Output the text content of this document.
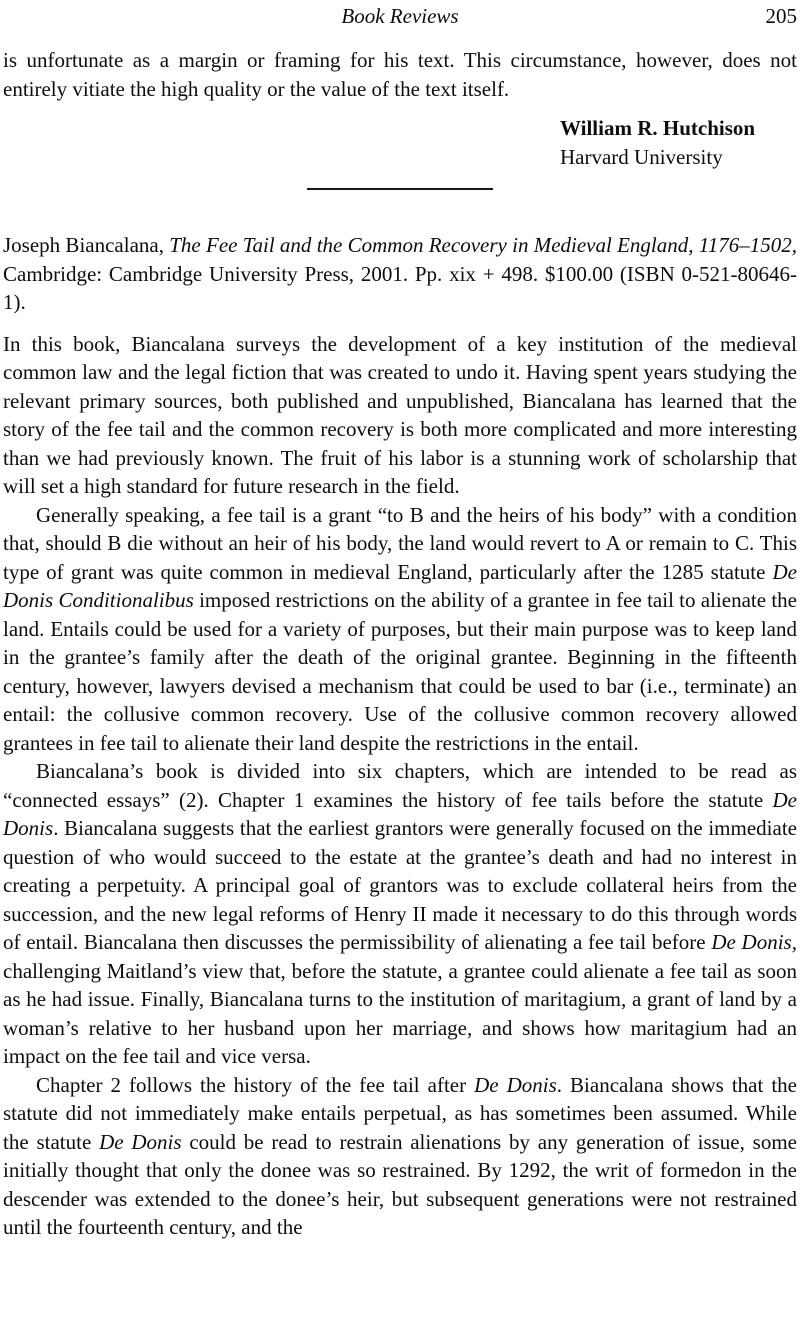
Book Reviews	205

is unfortunate as a margin or framing for his text. This circumstance, however, does not entirely vitiate the high quality or the value of the text itself.

William R. Hutchison
Harvard University

Joseph Biancalana, The Fee Tail and the Common Recovery in Medieval England, 1176–1502, Cambridge: Cambridge University Press, 2001. Pp. xix + 498. $100.00 (ISBN 0-521-80646-1).

In this book, Biancalana surveys the development of a key institution of the medieval common law and the legal fiction that was created to undo it. Having spent years studying the relevant primary sources, both published and unpublished, Biancalana has learned that the story of the fee tail and the common recovery is both more complicated and more interesting than we had previously known. The fruit of his labor is a stunning work of scholarship that will set a high standard for future research in the field.

Generally speaking, a fee tail is a grant “to B and the heirs of his body” with a condition that, should B die without an heir of his body, the land would revert to A or remain to C. This type of grant was quite common in medieval England, particularly after the 1285 statute De Donis Conditionalibus imposed restrictions on the ability of a grantee in fee tail to alienate the land. Entails could be used for a variety of purposes, but their main purpose was to keep land in the grantee’s family after the death of the original grantee. Beginning in the fifteenth century, however, lawyers devised a mechanism that could be used to bar (i.e., terminate) an entail: the collusive common recovery. Use of the collusive common recovery allowed grantees in fee tail to alienate their land despite the restrictions in the entail.

Biancalana’s book is divided into six chapters, which are intended to be read as “connected essays” (2). Chapter 1 examines the history of fee tails before the statute De Donis. Biancalana suggests that the earliest grantors were generally focused on the immediate question of who would succeed to the estate at the grantee’s death and had no interest in creating a perpetuity. A principal goal of grantors was to exclude collateral heirs from the succession, and the new legal reforms of Henry II made it necessary to do this through words of entail. Biancalana then discusses the permissibility of alienating a fee tail before De Donis, challenging Maitland’s view that, before the statute, a grantee could alienate a fee tail as soon as he had issue. Finally, Biancalana turns to the institution of maritagium, a grant of land by a woman’s relative to her husband upon her marriage, and shows how maritagium had an impact on the fee tail and vice versa.

Chapter 2 follows the history of the fee tail after De Donis. Biancalana shows that the statute did not immediately make entails perpetual, as has sometimes been assumed. While the statute De Donis could be read to restrain alienations by any generation of issue, some initially thought that only the donee was so restrained. By 1292, the writ of formedon in the descender was extended to the donee’s heir, but subsequent generations were not restrained until the fourteenth century, and the
